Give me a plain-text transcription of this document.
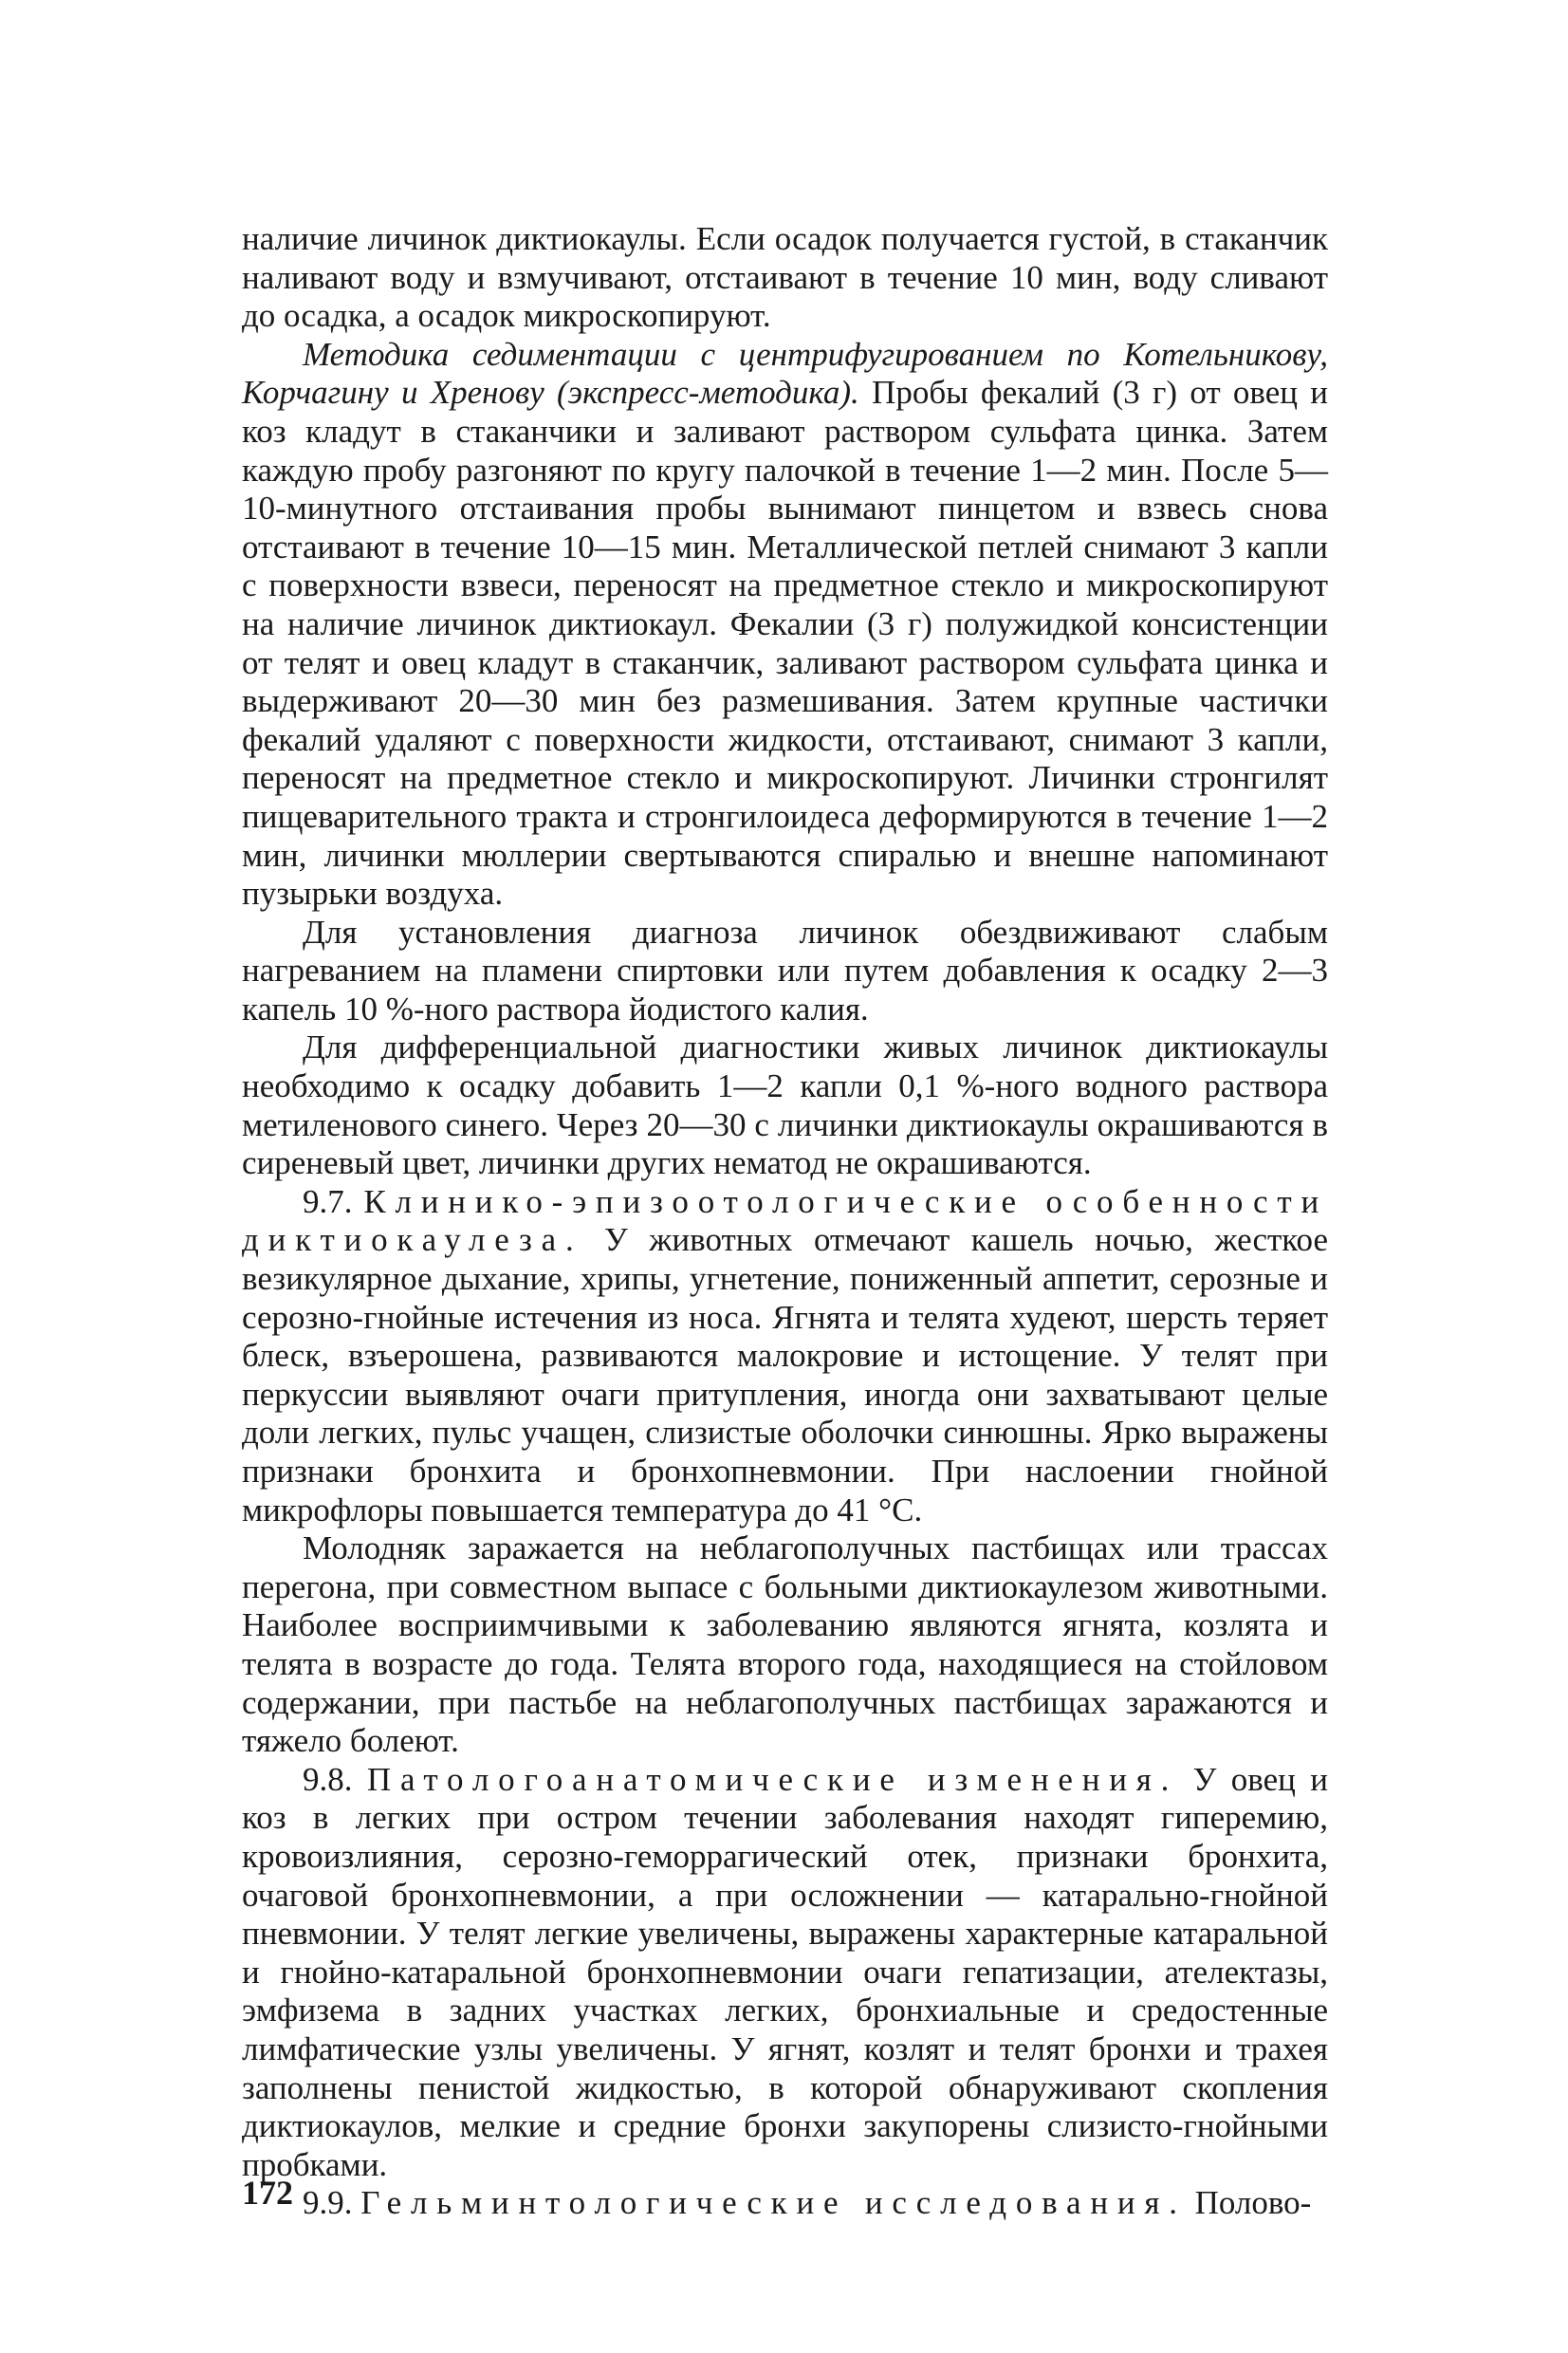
наличие личинок диктиокаулы. Если осадок получается густой, в стаканчик наливают воду и взмучивают, отстаивают в течение 10 мин, воду сливают до осадка, а осадок микроскопируют.

Методика седиментации с центрифугированием по Котельникову, Корчагину и Хренову (экспресс-методика). Пробы фекалий (3 г) от овец и коз кладут в стаканчики и заливают раствором сульфата цинка. Затем каждую пробу разгоняют по кругу палочкой в течение 1—2 мин. После 5—10-минутного отстаивания пробы вынимают пинцетом и взвесь снова отстаивают в течение 10—15 мин. Металлической петлей снимают 3 капли с поверхности взвеси, переносят на предметное стекло и микроскопируют на наличие личинок диктиокаул. Фекалии (3 г) полужидкой консистенции от телят и овец кладут в стаканчик, заливают раствором сульфата цинка и выдерживают 20—30 мин без размешивания. Затем крупные частички фекалий удаляют с поверхности жидкости, отстаивают, снимают 3 капли, переносят на предметное стекло и микроскопируют. Личинки стронгилят пищеварительного тракта и стронгилоидеса деформируются в течение 1—2 мин, личинки мюллерии свертываются спиралью и внешне напоминают пузырьки воздуха.

Для установления диагноза личинок обездвиживают слабым нагреванием на пламени спиртовки или путем добавления к осадку 2—3 капель 10 %-ного раствора йодистого калия.

Для дифференциальной диагностики живых личинок диктиокаулы необходимо к осадку добавить 1—2 капли 0,1 %-ного водного раствора метиленового синего. Через 20—30 с личинки диктиокаулы окрашиваются в сиреневый цвет, личинки других нематод не окрашиваются.

9.7. Клинико-эпизоотологические особенности диктиокаулеза. У животных отмечают кашель ночью, жесткое везикулярное дыхание, хрипы, угнетение, пониженный аппетит, серозные и серозно-гнойные истечения из носа. Ягнята и телята худеют, шерсть теряет блеск, взъерошена, развиваются малокровие и истощение. У телят при перкуссии выявляют очаги притупления, иногда они захватывают целые доли легких, пульс учащен, слизистые оболочки синюшны. Ярко выражены признаки бронхита и бронхопневмонии. При наслоении гнойной микрофлоры повышается температура до 41 °С.

Молодняк заражается на неблагополучных пастбищах или трассах перегона, при совместном выпасе с больными диктиокаулезом животными. Наиболее восприимчивыми к заболеванию являются ягнята, козлята и телята в возрасте до года. Телята второго года, находящиеся на стойловом содержании, при пастьбе на неблагополучных пастбищах заражаются и тяжело болеют.

9.8. Патологоанатомические изменения. У овец и коз в легких при остром течении заболевания находят гиперемию, кровоизлияния, серозно-геморрагический отек, признаки бронхита, очаговой бронхопневмонии, а при осложнении — катарально-гнойной пневмонии. У телят легкие увеличены, выражены характерные катаральной и гнойно-катаральной бронхопневмонии очаги гепатизации, ателектазы, эмфизема в задних участках легких, бронхиальные и средостенные лимфатические узлы увеличены. У ягнят, козлят и телят бронхи и трахея заполнены пенистой жидкостью, в которой обнаруживают скопления диктиокаулов, мелкие и средние бронхи закупорены слизисто-гнойными пробками.

9.9. Гельминтологические исследования. Полово-

172
